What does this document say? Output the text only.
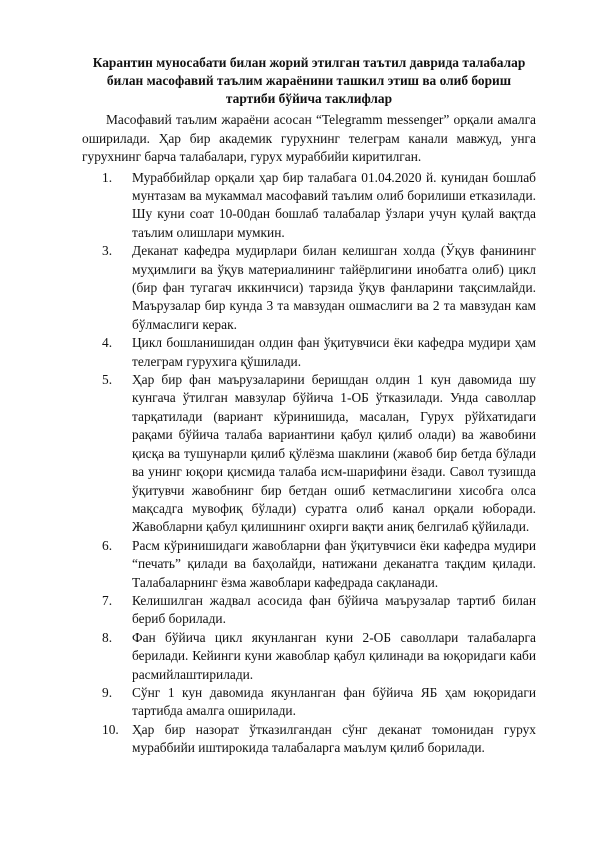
Карантин муносабати билан жорий этилган таътил даврида талабалар
билан масофавий таълим жараёнини ташкил этиш ва олиб бориш
тартиби бўйича таклифлар

Масофавий таълим жараёни асосан “Telegramm messenger” орқали амалга оширилади. Ҳар бир академик гурухнинг телеграм канали мавжуд, унга гурухнинг барча талабалари, гурух мураббийи киритилган.

1.	Мураббийлар орқали ҳар бир талабага 01.04.2020 й. кунидан бошлаб мунтазам ва мукаммал масофавий таълим олиб борилиши етказилади. Шу куни соат 10-00дан бошлаб талабалар ўзлари учун қулай вақтда таълим олишлари мумкин.
3.	Деканат кафедра мудирлари билан келишган холда (Ўқув фанининг муҳимлиги ва ўқув материалининг тайёрлигини инобатга олиб) цикл (бир фан тугагач иккинчиси) тарзида ўқув фанларини тақсимлайди. Маърузалар бир кунда 3 та мавзудан ошмаслиги ва 2 та мавзудан кам бўлмаслиги керак.
4.	Цикл бошланишидан олдин фан ўқитувчиси ёки кафедра мудири ҳам телеграм гурухига қўшилади.
5.	Ҳар бир фан маърузаларини беришдан олдин 1 кун давомида шу кунгача ўтилган мавзулар бўйича 1-ОБ ўтказилади. Унда саволлар тарқатилади (вариант кўринишида, масалан, Гурух рўйхатидаги рақами бўйича талаба вариантини қабул қилиб олади) ва жавобини қисқа ва тушунарли қилиб қўлёзма шаклини (жавоб бир бетда бўлади ва унинг юқори қисмида талаба исм-шарифини ёзади. Савол тузишда ўқитувчи жавобнинг бир бетдан ошиб кетмаслигини хисобга олса мақсадга мувофиқ бўлади) суратга олиб канал орқали юборади. Жавобларни қабул қилишнинг охирги вақти аниқ белгилаб қўйилади.
6.	Расм кўринишидаги жавобларни фан ўқитувчиси ёки кафедра мудири “печать” қилади ва баҳолайди, натижани деканатга тақдим қилади. Талабаларнинг ёзма жавоблари кафедрада сақланади.
7.	Келишилган жадвал асосида фан бўйича маърузалар тартиб билан бериб борилади.
8.	Фан бўйича цикл якунланган куни 2-ОБ саволлари талабаларга берилади. Кейинги куни жавоблар қабул қилинади ва юқоридаги каби расмийлаштирилади.
9.	Сўнг 1 кун давомида якунланган фан бўйича ЯБ ҳам юқоридаги тартибда амалга оширилади.
10. Ҳар бир назорат ўтказилгандан сўнг деканат томонидан гурух мураббийи иштирокида талабаларга маълум қилиб борилади.
